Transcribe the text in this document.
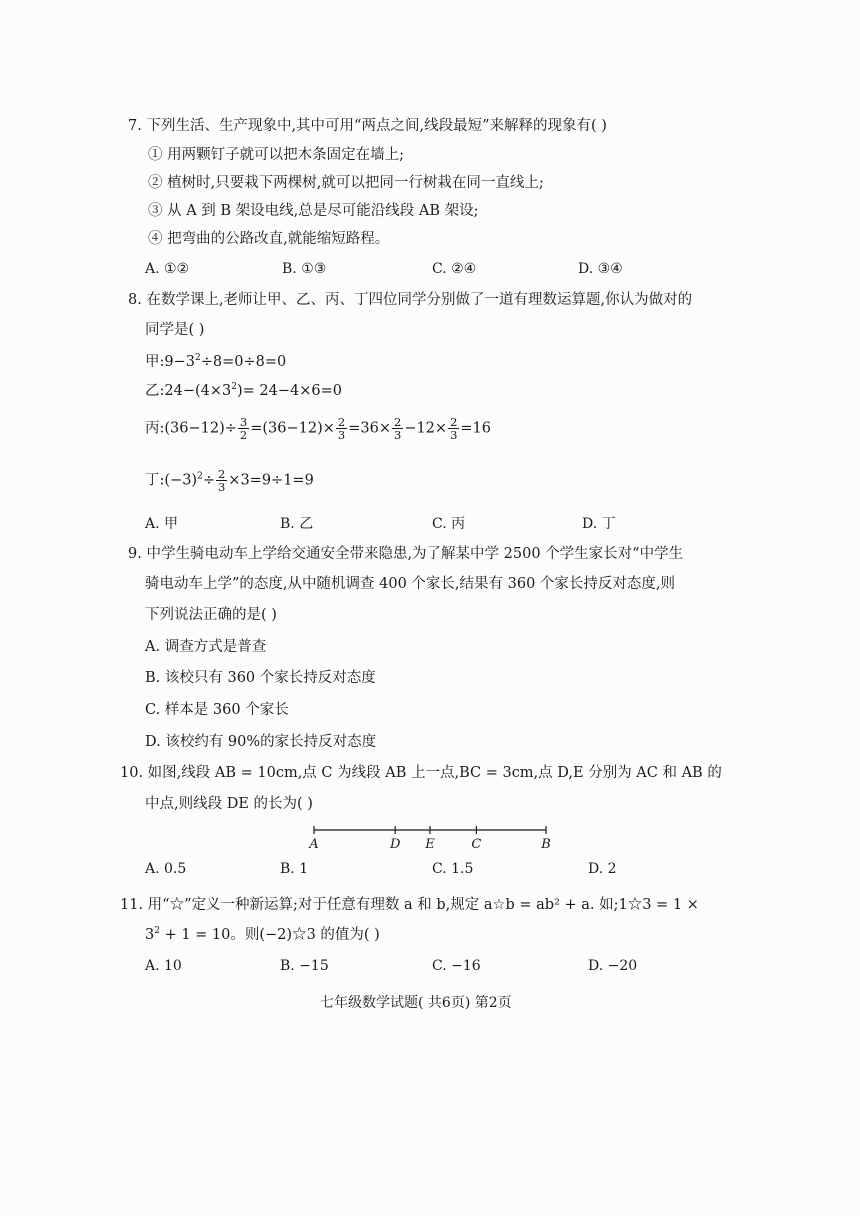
7. 下列生活、生产现象中,其中可用“两点之间,线段最短”来解释的现象有( )
① 用两颗钉子就可以把木条固定在墙上;
② 植树时,只要栽下两棵树,就可以把同一行树栽在同一直线上;
③ 从 A 到 B 架设电线,总是尽可能沿线段 AB 架设;
④ 把弯曲的公路改直,就能缩短路程。
A. ①②	B. ①③	C. ②④	D. ③④
8. 在数学课上,老师让甲、乙、丙、丁四位同学分别做了一道有理数运算题,你认为做对的
同学是( )
甲$:9-3^2\div 8=0\div 8=0$
乙$:24-(4\times 3^2)= 24-4\times 6=0$
丙:(36−12)÷ $\frac{3}{2} =(36-12)\times \frac{2}{3} =36\times \frac{2}{3} -12\times \frac{2}{3} =16$
丁$:(-3)^2\div \frac{2}{3} \times 3=9\div 1=9$
A. 甲	B. 乙	C. 丙	D. 丁
9. 中学生骑电动车上学给交通安全带来隐患,为了解某中学 2500 个学生家长对“中学生
骑电动车上学”的态度,从中随机调查 400 个家长,结果有 360 个家长持反对态度,则
下列说法正确的是( )
A. 调查方式是普查
B. 该校只有 360 个家长持反对态度
C. 样本是 360 个家长
D. 该校约有 90%的家长持反对态度
10. 如图,线段 AB = 10cm,点 C 为线段 AB 上一点,BC = 3cm,点 D,E 分别为 AC 和 AB 的
中点,则线段 DE 的长为( )
A	D E	C	B
A. 0.5	B. 1	C. 1.5	D. 2
11. 用“☆”定义一种新运算;对于任意有理数 a 和 b,规定 a☆b = ab² + a. 如;1☆3 = 1 ×
$3^2 + 1 = 10$。则(−2)☆3 的值为( )
A. 10	B. −15	C. −16	D. −20
七年级数学试题( 共6页) 第2页
